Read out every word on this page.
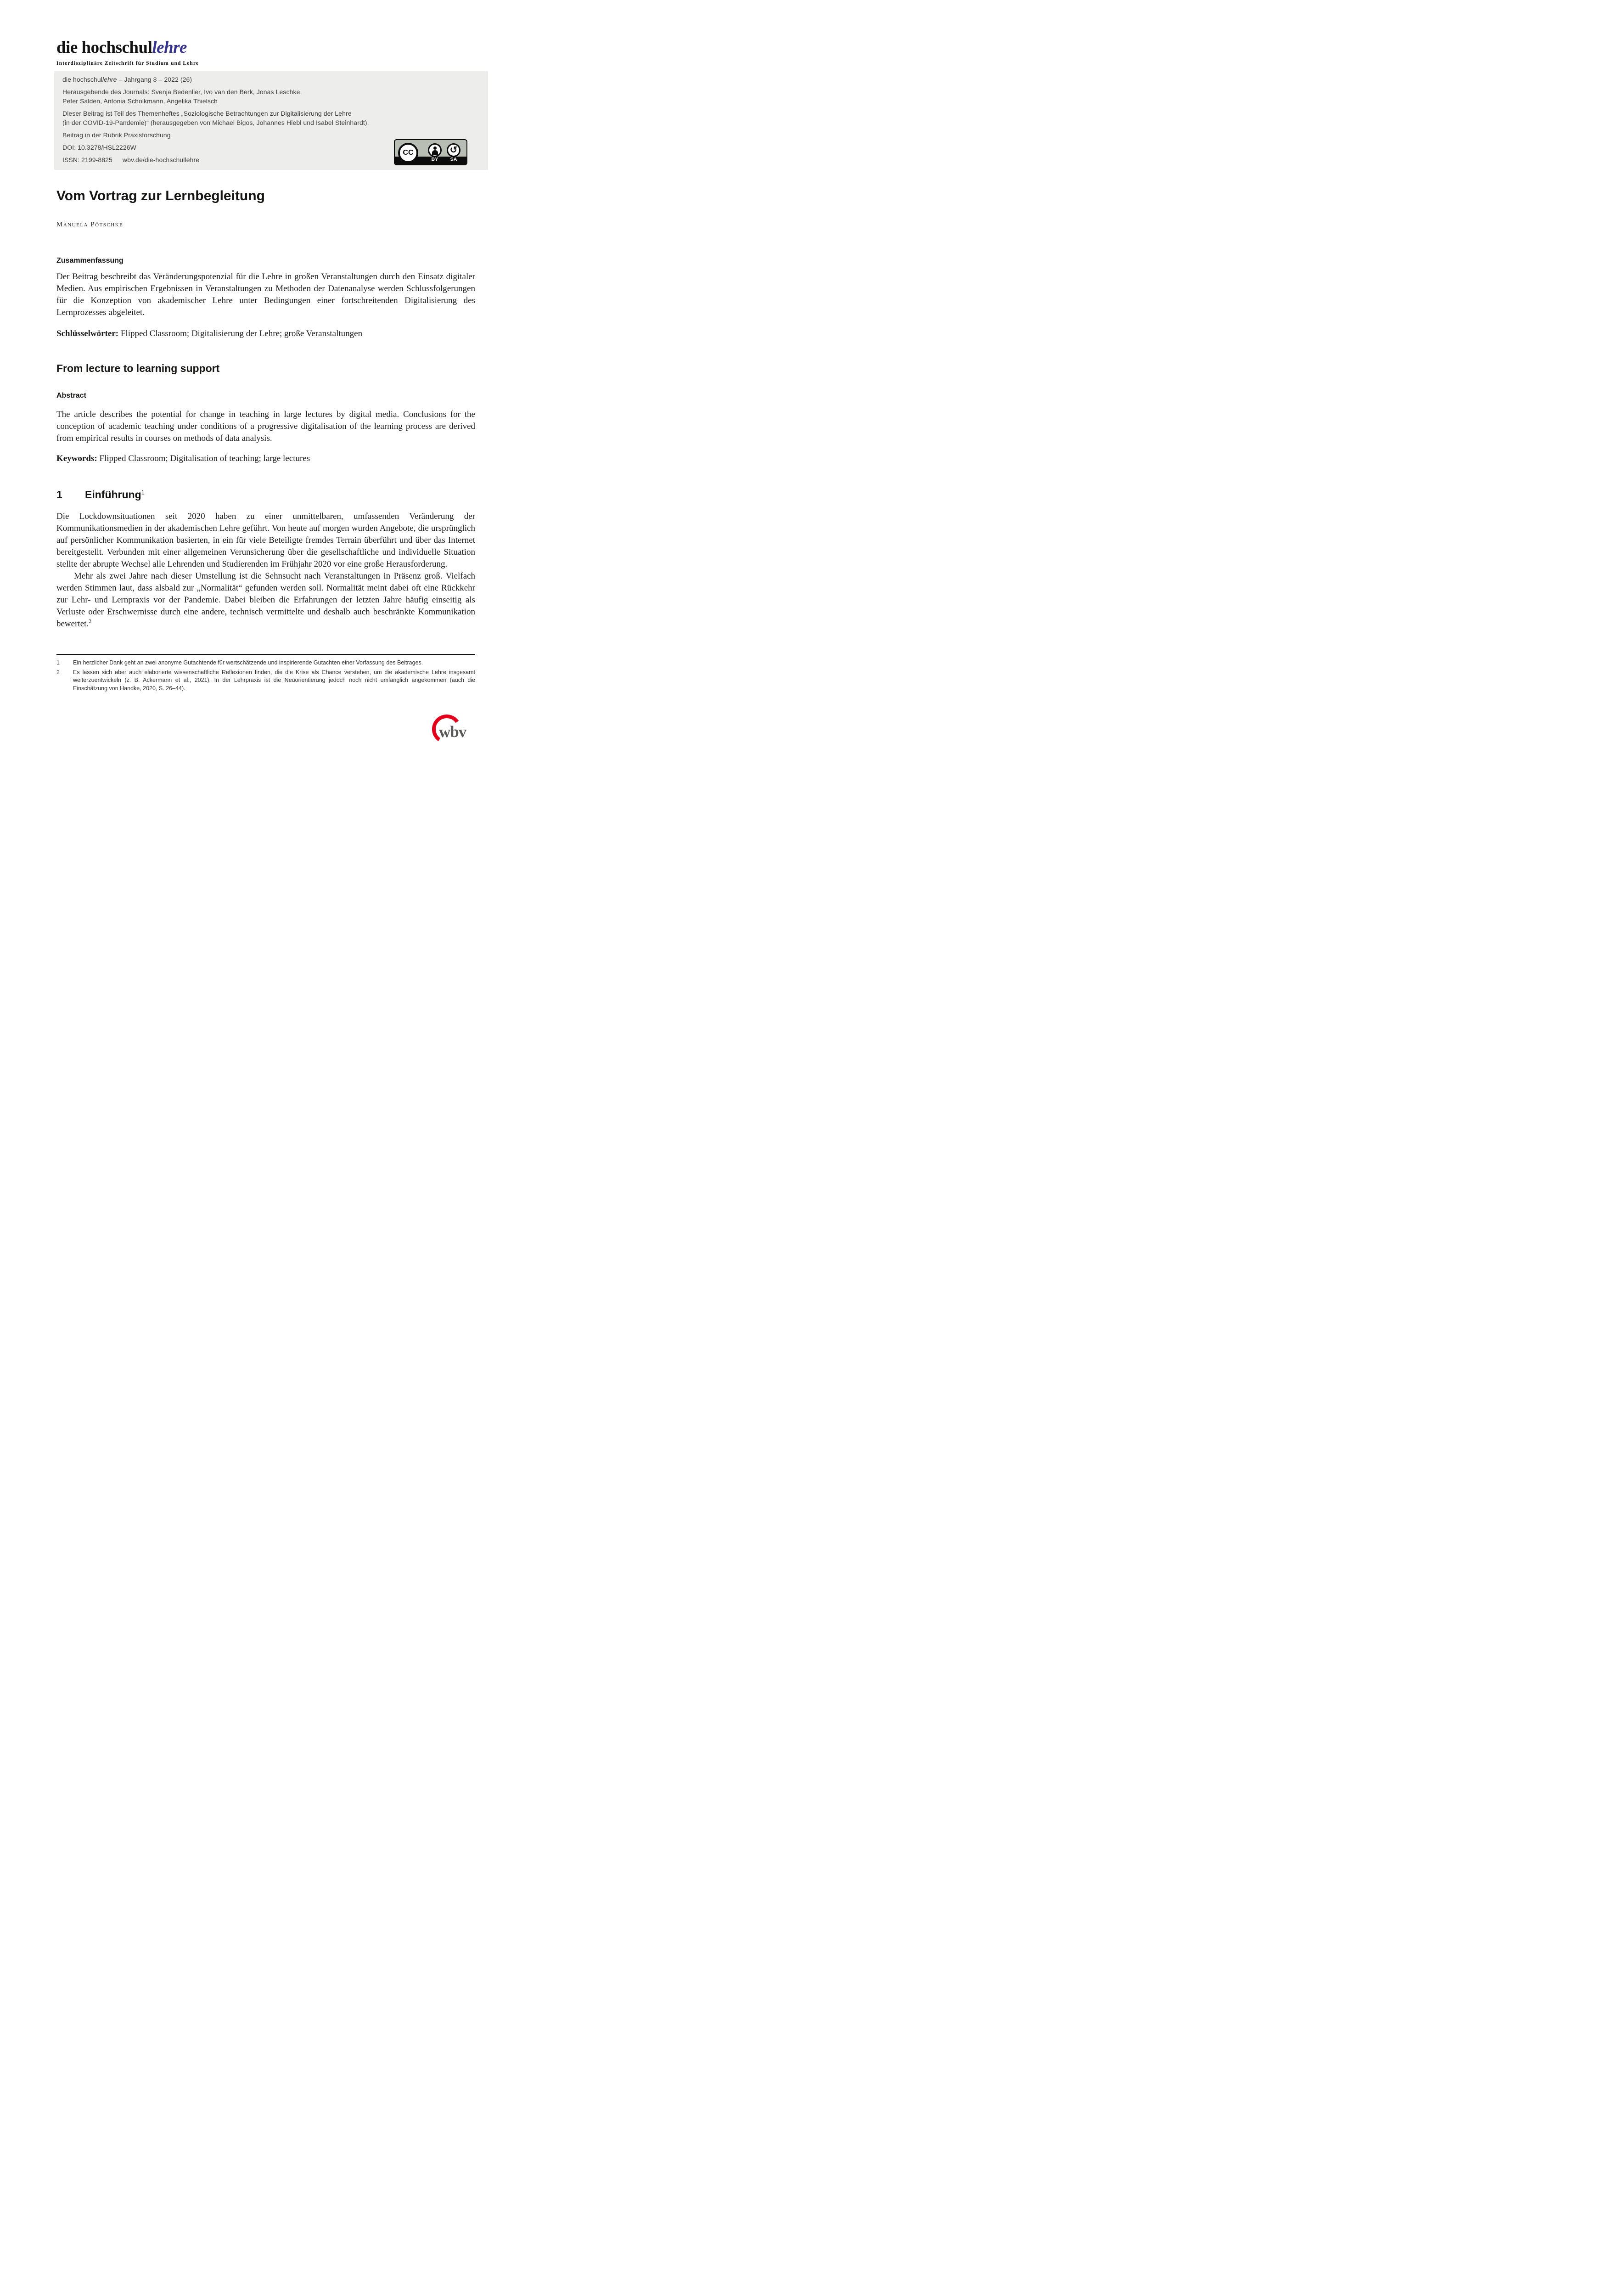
die hochschullehre
Interdisziplinäre Zeitschrift für Studium und Lehre

die hochschullehre – Jahrgang 8 – 2022 (26)

Herausgebende des Journals: Svenja Bedenlier, Ivo van den Berk, Jonas Leschke,
Peter Salden, Antonia Scholkmann, Angelika Thielsch

Dieser Beitrag ist Teil des Themenheftes „Soziologische Betrachtungen zur Digitalisierung der Lehre
(in der COVID-19-Pandemie)“ (herausgegeben von Michael Bigos, Johannes Hiebl und Isabel Steinhardt).

Beitrag in der Rubrik Praxisforschung

DOI: 10.3278/HSL2226W

ISSN: 2199-8825 wbv.de/die-hochschullehre

CC	↺
BY	SA
Vom Vortrag zur Lernbegleitung
Manuela Pötschke
Zusammenfassung

Der Beitrag beschreibt das Veränderungspotenzial für die Lehre in großen Veranstaltungen durch den Einsatz digitaler Medien. Aus empirischen Ergebnissen in Veranstaltungen zu Methoden der Datenanalyse werden Schlussfolgerungen für die Konzeption von akademischer Lehre unter Bedingungen einer fortschreitenden Digitalisierung des Lernprozesses abgeleitet.

Schlüsselwörter: Flipped Classroom; Digitalisierung der Lehre; große Veranstaltungen

From lecture to learning support
Abstract

The article describes the potential for change in teaching in large lectures by digital media. Conclusions for the conception of academic teaching under conditions of a progressive digitalisation of the learning process are derived from empirical results in courses on methods of data analysis.

Keywords: Flipped Classroom; Digitalisation of teaching; large lectures

1	Einführung$^1$

Die Lockdownsituationen seit 2020 haben zu einer unmittelbaren, umfassenden Veränderung der Kommunikationsmedien in der akademischen Lehre geführt. Von heute auf morgen wurden Angebote, die ursprünglich auf persönlicher Kommunikation basierten, in ein für viele Beteiligte fremdes Terrain überführt und über das Internet bereitgestellt. Verbunden mit einer allgemeinen Verunsicherung über die gesellschaftliche und individuelle Situation stellte der abrupte Wechsel alle Lehrenden und Studierenden im Frühjahr 2020 vor eine große Herausforderung.

Mehr als zwei Jahre nach dieser Umstellung ist die Sehnsucht nach Veranstaltungen in Präsenz groß. Vielfach werden Stimmen laut, dass alsbald zur „Normalität“ gefunden werden soll. Normalität meint dabei oft eine Rückkehr zur Lehr- und Lernpraxis vor der Pandemie. Dabei bleiben die Erfahrungen der letzten Jahre häufig einseitig als Verluste oder Erschwernisse durch eine andere, technisch vermittelte und deshalb auch beschränkte Kommunikation bewertet.$^2$

1	Ein herzlicher Dank geht an zwei anonyme Gutachtende für wertschätzende und inspirierende Gutachten einer Vorfassung des Beitrages.
2	Es lassen sich aber auch elaborierte wissenschaftliche Reflexionen finden, die die Krise als Chance verstehen, um die akademische Lehre insgesamt weiterzuentwickeln (z. B. Ackermann et al., 2021). In der Lehrpraxis ist die Neuorientierung jedoch noch nicht umfänglich angekommen (auch die Einschätzung von Handke, 2020, S. 26–44).
wbv
